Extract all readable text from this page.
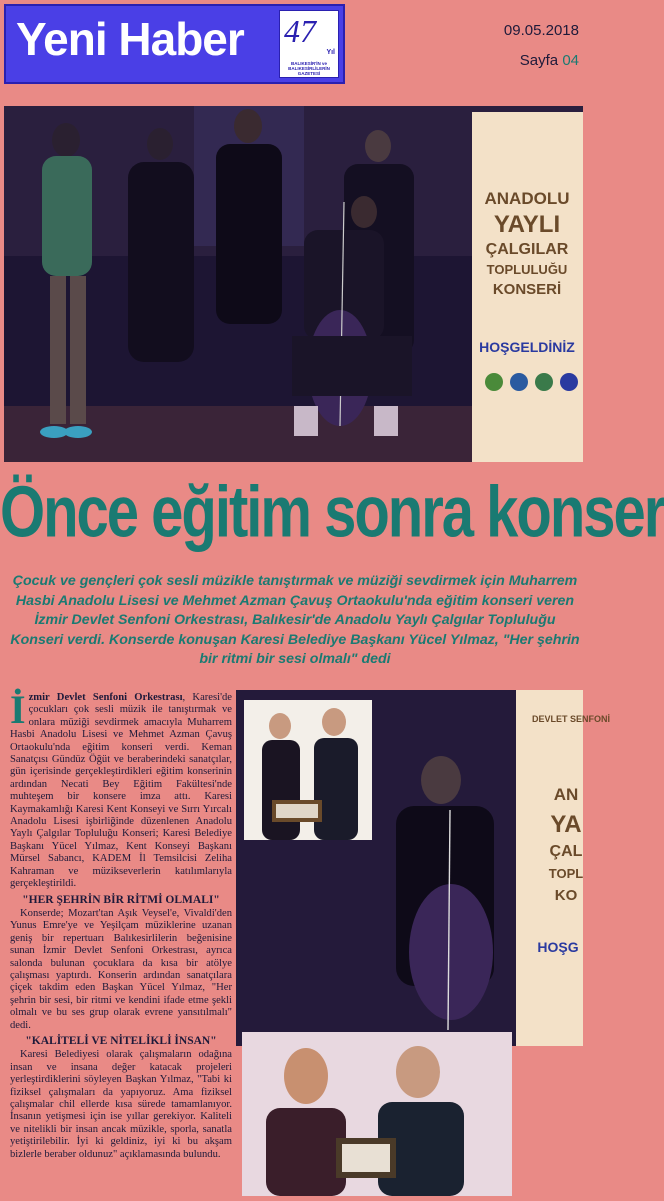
Yeni Haber 47
Yıl
BALIKESİR'İN ve BALIKESİRLİLERİN GAZETESİ
09.05.2018
Sayfa 04
ANADOLU
YAYLI
ÇALGILAR
TOPLULUĞU
KONSERİ
HOŞGELDİNİZ
Önce eğitim sonra konser
Çocuk ve gençleri çok sesli müzikle tanıştırmak ve müziği sevdirmek için Muharrem Hasbi Anadolu Lisesi ve Mehmet Azman Çavuş Ortaokulu'nda eğitim konseri veren İzmir Devlet Senfoni Orkestrası, Balıkesir'de Anadolu Yaylı Çalgılar Topluluğu Konseri verdi. Konserde konuşan Karesi Belediye Başkanı Yücel Yılmaz, "Her şehrin bir ritmi bir sesi olmalı" dedi

İzmir Devlet Senfoni Orkestrası, Karesi'de çocukları çok sesli müzik ile tanıştırmak ve onlara müziği sevdirmek amacıyla Muharrem Hasbi Anadolu Lisesi ve Mehmet Azman Çavuş Ortaokulu'nda eğitim konseri verdi. Keman Sanatçısı Gündüz Öğüt ve beraberindeki sanatçılar, gün içerisinde gerçekleştirdikleri eğitim konserinin ardından Necati Bey Eğitim Fakültesi'nde muhteşem bir konsere imza attı. Karesi Kaymakamlığı Karesi Kent Konseyi ve Sırrı Yırcalı Anadolu Lisesi işbirliğinde düzenlenen Anadolu Yaylı Çalgılar Topluluğu Konseri; Karesi Belediye Başkanı Yücel Yılmaz, Kent Konseyi Başkanı Mürsel Sabancı, KADEM İl Temsilcisi Zeliha Kahraman ve müzikseverlerin katılımlarıyla gerçekleştirildi.

"HER ŞEHRİN BİR RİTMİ OLMALI"

Konserde; Mozart'tan Aşık Veysel'e, Vivaldi'den Yunus Emre'ye ve Yeşilçam müziklerine uzanan geniş bir repertuarı Balıkesirlilerin beğenisine sunan İzmir Devlet Senfoni Orkestrası, ayrıca salonda bulunan çocuklara da kısa bir atölye çalışması yaptırdı. Konserin ardından sanatçılara çiçek takdim eden Başkan Yücel Yılmaz, "Her şehrin bir sesi, bir ritmi ve kendini ifade etme şekli olmalı ve bu ses grup olarak evrene yansıtılmalı" dedi.

"KALİTELİ VE NİTELİKLİ İNSAN"

Karesi Belediyesi olarak çalışmaların odağına insan ve insana değer katacak projeleri yerleştirdiklerini söyleyen Başkan Yılmaz, "Tabi ki fiziksel çalışmaları da yapıyoruz. Ama fiziksel çalışmalar chil ellerde kısa sürede tamamlanıyor. İnsanın yetişmesi için ise yıllar gerekiyor. Kaliteli ve nitelikli bir insan ancak müzikle, sporla, sanatla yetiştirilebilir. İyi ki geldiniz, iyi ki bu akşam bizlerle beraber oldunuz" açıklamasında bulundu.

DEVLET SENFONİ
AN
YA
ÇAL
TOPL
KO
HOŞG
